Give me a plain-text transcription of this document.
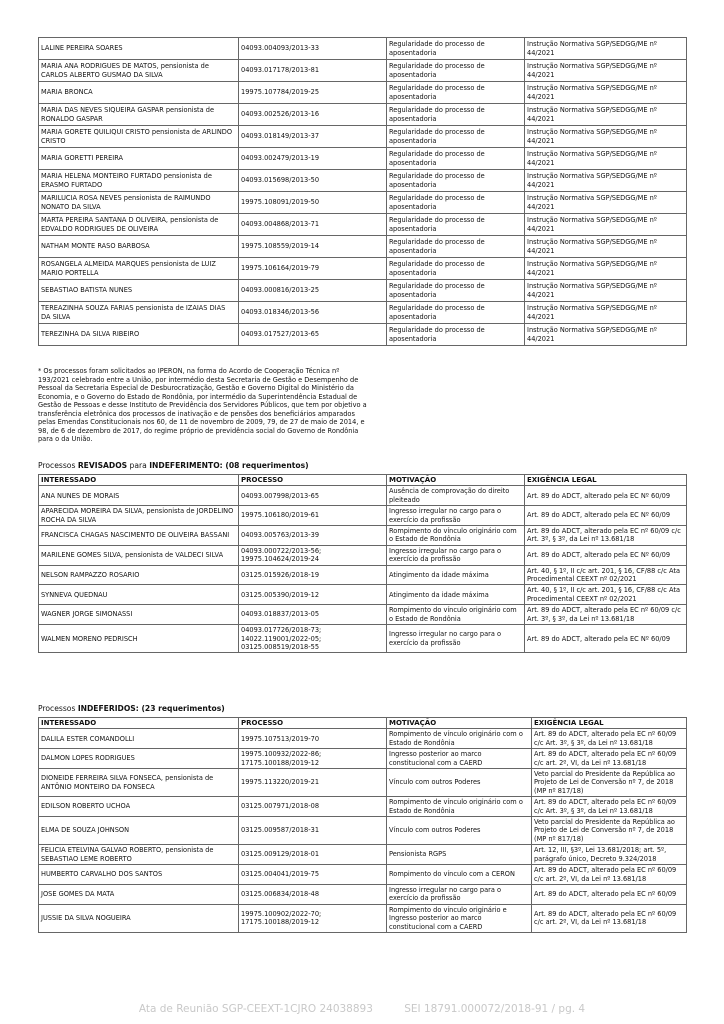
LALINE PEREIRA SOARES	04093.004093/2013-33	Regularidade do processo de aposentadoria	Instrução Normativa SGP/SEDGG/ME nº 44/2021
MARIA ANA RODRIGUES DE MATOS, pensionista de CARLOS ALBERTO GUSMAO DA SILVA	04093.017178/2013-81	Regularidade do processo de aposentadoria	Instrução Normativa SGP/SEDGG/ME nº 44/2021
MARIA BRONCA	19975.107784/2019-25	Regularidade do processo de aposentadoria	Instrução Normativa SGP/SEDGG/ME nº 44/2021
MARIA DAS NEVES SIQUEIRA GASPAR pensionista de RONALDO GASPAR	04093.002526/2013-16	Regularidade do processo de aposentadoria	Instrução Normativa SGP/SEDGG/ME nº 44/2021
MARIA GORETE QUILIQUI CRISTO pensionista de ARLINDO CRISTO	04093.018149/2013-37	Regularidade do processo de aposentadoria	Instrução Normativa SGP/SEDGG/ME nº 44/2021
MARIA GORETTI PEREIRA	04093.002479/2013-19	Regularidade do processo de aposentadoria	Instrução Normativa SGP/SEDGG/ME nº 44/2021
MARIA HELENA MONTEIRO FURTADO pensionista de ERASMO FURTADO	04093.015698/2013-50	Regularidade do processo de aposentadoria	Instrução Normativa SGP/SEDGG/ME nº 44/2021
MARILUCIA ROSA NEVES pensionista de RAIMUNDO NONATO DA SILVA	19975.108091/2019-50	Regularidade do processo de aposentadoria	Instrução Normativa SGP/SEDGG/ME nº 44/2021
MARTA PEREIRA SANTANA D OLIVEIRA, pensionista de EDVALDO RODRIGUES DE OLIVEIRA	04093.004868/2013-71	Regularidade do processo de aposentadoria	Instrução Normativa SGP/SEDGG/ME nº 44/2021
NATHAM MONTE RASO BARBOSA	19975.108559/2019-14	Regularidade do processo de aposentadoria	Instrução Normativa SGP/SEDGG/ME nº 44/2021
ROSANGELA ALMEIDA MARQUES pensionista de LUIZ MARIO PORTELLA	19975.106164/2019-79	Regularidade do processo de aposentadoria	Instrução Normativa SGP/SEDGG/ME nº 44/2021
SEBASTIAO BATISTA NUNES	04093.000816/2013-25	Regularidade do processo de aposentadoria	Instrução Normativa SGP/SEDGG/ME nº 44/2021
TEREAZINHA SOUZA FARIAS pensionista de IZAIAS DIAS DA SILVA	04093.018346/2013-56	Regularidade do processo de aposentadoria	Instrução Normativa SGP/SEDGG/ME nº 44/2021
TEREZINHA DA SILVA RIBEIRO	04093.017527/2013-65	Regularidade do processo de aposentadoria	Instrução Normativa SGP/SEDGG/ME nº 44/2021
* Os processos foram solicitados ao IPERON, na forma do Acordo de Cooperação Técnica nº 193/2021 celebrado entre a União, por intermédio desta Secretaria de Gestão e Desempenho de Pessoal da Secretaria Especial de Desburocratização, Gestão e Governo Digital do Ministério da Economia, e o Governo do Estado de Rondônia, por intermédio da Superintendência Estadual de Gestão de Pessoas e desse Instituto de Previdência dos Servidores Públicos, que tem por objetivo a transferência eletrônica dos processos de inativação e de pensões dos beneficiários amparados pelas Emendas Constitucionais nos 60, de 11 de novembro de 2009, 79, de 27 de maio de 2014, e 98, de 6 de dezembro de 2017, do regime próprio de previdência social do Governo de Rondônia para o da União.
Processos REVISADOS para INDEFERIMENTO: (08 requerimentos)
INTERESSADO	PROCESSO	MOTIVAÇÃO	EXIGÊNCIA LEGAL
ANA NUNES DE MORAIS	04093.007998/2013-65	Ausência de comprovação do direito pleiteado	Art. 89 do ADCT, alterado pela EC Nº 60/09
APARECIDA MOREIRA DA SILVA, pensionista de JORDELINO ROCHA DA SILVA	19975.106180/2019-61	Ingresso irregular no cargo para o exercício da profissão	Art. 89 do ADCT, alterado pela EC Nº 60/09
FRANCISCA CHAGAS NASCIMENTO DE OLIVEIRA BASSANI	04093.005763/2013-39	Rompimento do vínculo originário com o Estado de Rondônia	Art. 89 do ADCT, alterado pela EC nº 60/09 c/c Art. 3º, § 3º, da Lei nº 13.681/18
MARILENE GOMES SILVA, pensionista de VALDECI SILVA	04093.000722/2013-56; 19975.104624/2019-24	Ingresso irregular no cargo para o exercício da profissão	Art. 89 do ADCT, alterado pela EC Nº 60/09
NELSON RAMPAZZO ROSARIO	03125.015926/2018-19	Atingimento da idade máxima	Art. 40, § 1º, II c/c art. 201, § 16, CF/88 c/c Ata Procedimental CEEXT nº 02/2021
SYNNEVA QUEDNAU	03125.005390/2019-12	Atingimento da idade máxima	Art. 40, § 1º, II c/c art. 201, § 16, CF/88 c/c Ata Procedimental CEEXT nº 02/2021
WAGNER JORGE SIMONASSI	04093.018837/2013-05	Rompimento do vínculo originário com o Estado de Rondônia	Art. 89 do ADCT, alterado pela EC nº 60/09 c/c Art. 3º, § 3º, da Lei nº 13.681/18
WALMEN MORENO PEDRISCH	04093.017726/2018-73; 14022.119001/2022-05; 03125.008519/2018-55	Ingresso irregular no cargo para o exercício da profissão	Art. 89 do ADCT, alterado pela EC Nº 60/09
Processos INDEFERIDOS: (23 requerimentos)
INTERESSADO	PROCESSO	MOTIVAÇÃO	EXIGÊNCIA LEGAL
DALILA ESTER COMANDOLLI	19975.107513/2019-70	Rompimento de vínculo originário com o Estado de Rondônia	Art. 89 do ADCT, alterado pela EC nº 60/09 c/c Art. 3º, § 3º, da Lei nº 13.681/18
DALMON LOPES RODRIGUES	19975.100932/2022-86; 17175.100188/2019-12	Ingresso posterior ao marco constitucional com a CAERD	Art. 89 do ADCT, alterado pela EC nº 60/09 c/c art. 2º, VI, da Lei nº 13.681/18
DIONEIDE FERREIRA SILVA FONSECA, pensionista de ANTÔNIO MONTEIRO DA FONSECA	19975.113220/2019-21	Vínculo com outros Poderes	Veto parcial do Presidente da República ao Projeto de Lei de Conversão nº 7, de 2018 (MP nº 817/18)
EDILSON ROBERTO UCHOA	03125.007971/2018-08	Rompimento de vínculo originário com o Estado de Rondônia	Art. 89 do ADCT, alterado pela EC nº 60/09 c/c Art. 3º, § 3º, da Lei nº 13.681/18
ELMA DE SOUZA JOHNSON	03125.009587/2018-31	Vínculo com outros Poderes	Veto parcial do Presidente da República ao Projeto de Lei de Conversão nº 7, de 2018 (MP nº 817/18)
FELICIA ETELVINA GALVAO ROBERTO, pensionista de SEBASTIAO LEME ROBERTO	03125.009129/2018-01	Pensionista RGPS	Art. 12, III, §3º, Lei 13.681/2018; art. 5º, parágrafo único, Decreto 9.324/2018
HUMBERTO CARVALHO DOS SANTOS	03125.004041/2019-75	Rompimento do vínculo com a CERON	Art. 89 do ADCT, alterado pela EC nº 60/09 c/c art. 2º, VI, da Lei nº 13.681/18
JOSE GOMES DA MATA	03125.006834/2018-48	Ingresso irregular no cargo para o exercício da profissão	Art. 89 do ADCT, alterado pela EC nº 60/09
JUSSIE DA SILVA NOGUEIRA	19975.100902/2022-70; 17175.100188/2019-12	Rompimento do vínculo originário e Ingresso posterior ao marco constitucional com a CAERD	Art. 89 do ADCT, alterado pela EC nº 60/09 c/c art. 2º, VI, da Lei nº 13.681/18
Ata de Reunião SGP-CEEXT-1CJRO 24038893	SEI 18791.000072/2018-91 / pg. 4
